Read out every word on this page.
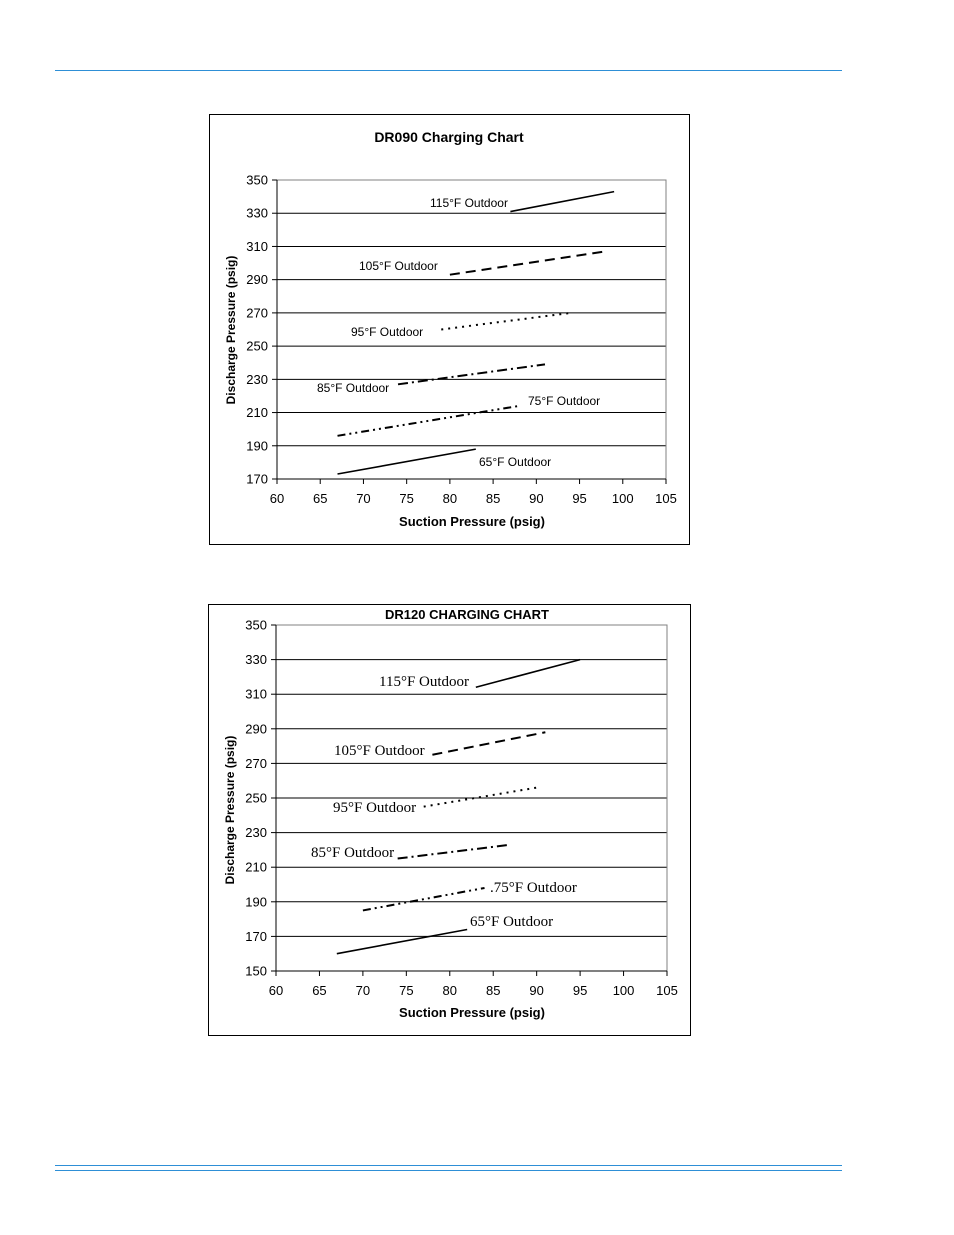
DR090 Charging Chart
Suction Pressure (psig)
Discharge Pressure (psig)
170
190
210
230
250
270
290
310
330
350
60 65 70 75 80 85 90 95 100 105
115°F Outdoor
105°F Outdoor
95°F Outdoor
85°F Outdoor
75°F Outdoor
65°F Outdoor
DR120 CHARGING CHART
Suction Pressure (psig)
Discharge Pressure (psig)
150
170
190
210
230
250
270
290
310
330
350
60 65 70 75 80 85 90 95 100 105
115°F Outdoor
105°F Outdoor
95°F Outdoor
85°F Outdoor
.75°F Outdoor
65°F Outdoor
